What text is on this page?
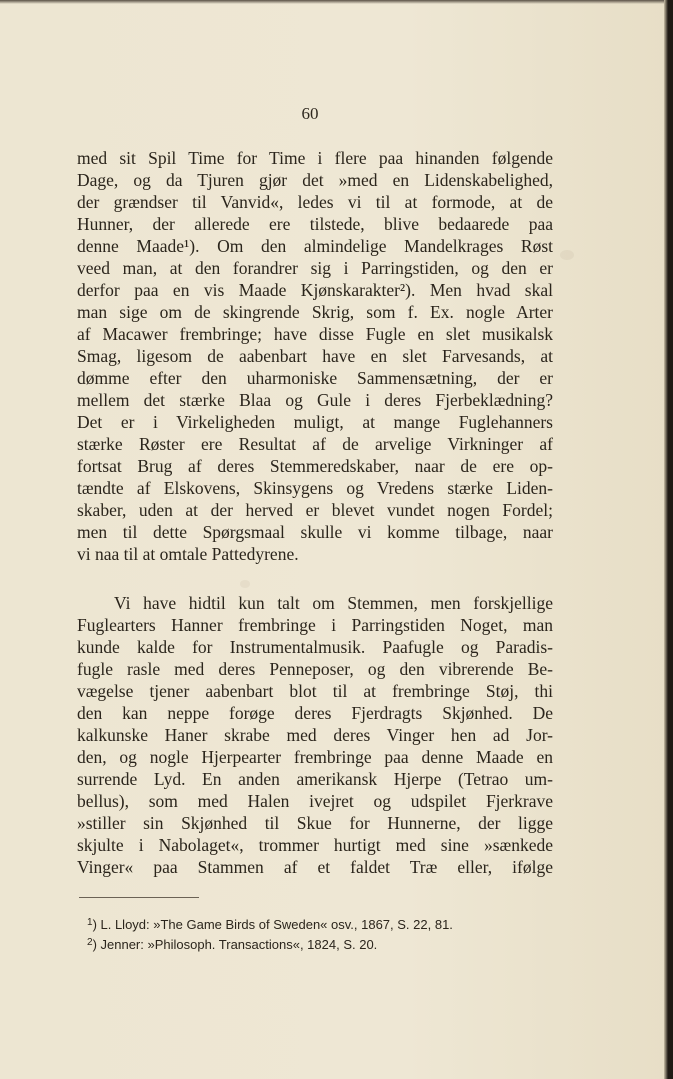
60
med sit Spil Time for Time i flere paa hinanden følgende
Dage, og da Tjuren gjør det »med en Lidenskabelighed,
der grændser til Vanvid«, ledes vi til at formode, at de
Hunner, der allerede ere tilstede, blive bedaarede paa
denne Maade¹). Om den almindelige Mandelkrages Røst
veed man, at den forandrer sig i Parringstiden, og den er
derfor paa en vis Maade Kjønskarakter²). Men hvad skal
man sige om de skingrende Skrig, som f. Ex. nogle Arter
af Macawer frembringe; have disse Fugle en slet musikalsk
Smag, ligesom de aabenbart have en slet Farvesands, at
dømme efter den uharmoniske Sammensætning, der er
mellem det stærke Blaa og Gule i deres Fjerbeklædning?
Det er i Virkeligheden muligt, at mange Fuglehanners
stærke Røster ere Resultat af de arvelige Virkninger af
fortsat Brug af deres Stemmeredskaber, naar de ere op-
tændte af Elskovens, Skinsygens og Vredens stærke Liden-
skaber, uden at der herved er blevet vundet nogen Fordel;
men til dette Spørgsmaal skulle vi komme tilbage, naar
vi naa til at omtale Pattedyrene.
Vi have hidtil kun talt om Stemmen, men forskjellige
Fuglearters Hanner frembringe i Parringstiden Noget, man
kunde kalde for Instrumentalmusik. Paafugle og Paradis-
fugle rasle med deres Penneposer, og den vibrerende Be-
vægelse tjener aabenbart blot til at frembringe Støj, thi
den kan neppe forøge deres Fjerdragts Skjønhed. De
kalkunske Haner skrabe med deres Vinger hen ad Jor-
den, og nogle Hjerpearter frembringe paa denne Maade en
surrende Lyd. En anden amerikansk Hjerpe (Tetrao um-
bellus), som med Halen ivejret og udspilet Fjerkrave
»stiller sin Skjønhed til Skue for Hunnerne, der ligge
skjulte i Nabolaget«, trommer hurtigt med sine »sænkede
Vinger« paa Stammen af et faldet Træ eller, ifølge
$^1$) L. Lloyd: »The Game Birds of Sweden« osv., 1867, S. 22, 81.
$^2$) Jenner: »Philosoph. Transactions«, 1824, S. 20.
